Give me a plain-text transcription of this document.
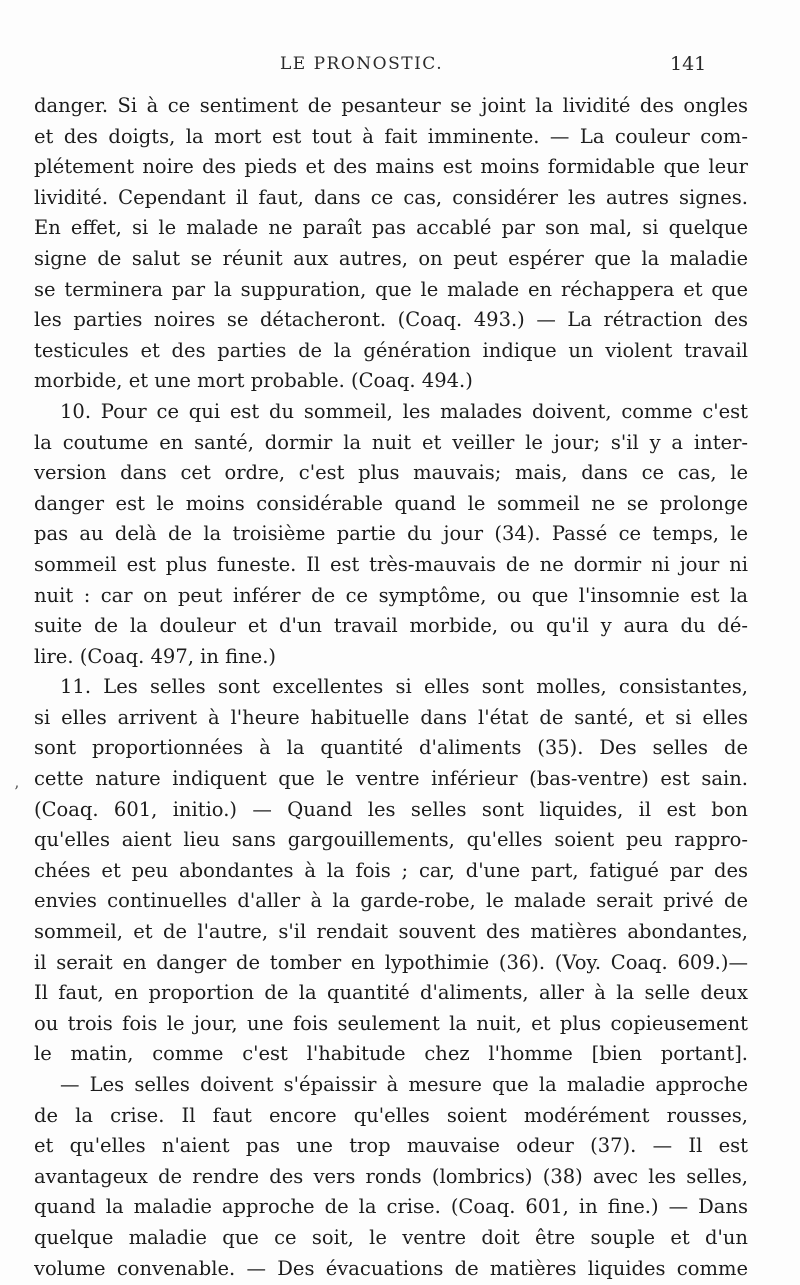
LE PRONOSTIC.	141
’
danger. Si à ce sentiment de pesanteur se joint la lividité des ongles
et des doigts, la mort est tout à fait imminente. — La couleur com-
plétement noire des pieds et des mains est moins formidable que leur
lividité. Cependant il faut, dans ce cas, considérer les autres signes.
En effet, si le malade ne paraît pas accablé par son mal, si quelque
signe de salut se réunit aux autres, on peut espérer que la maladie
se terminera par la suppuration, que le malade en réchappera et que
les parties noires se détacheront. (Coaq. 493.) — La rétraction des
testicules et des parties de la génération indique un violent travail
morbide, et une mort probable. (Coaq. 494.)
10. Pour ce qui est du sommeil, les malades doivent, comme c'est
la coutume en santé, dormir la nuit et veiller le jour; s'il y a inter-
version dans cet ordre, c'est plus mauvais; mais, dans ce cas, le
danger est le moins considérable quand le sommeil ne se prolonge
pas au delà de la troisième partie du jour (34). Passé ce temps, le
sommeil est plus funeste. Il est très-mauvais de ne dormir ni jour ni
nuit : car on peut inférer de ce symptôme, ou que l'insomnie est la
suite de la douleur et d'un travail morbide, ou qu'il y aura du dé-
lire. (Coaq. 497, in fine.)
11. Les selles sont excellentes si elles sont molles, consistantes,
si elles arrivent à l'heure habituelle dans l'état de santé, et si elles
sont proportionnées à la quantité d'aliments (35). Des selles de
cette nature indiquent que le ventre inférieur (bas-ventre) est sain.
(Coaq. 601, initio.) — Quand les selles sont liquides, il est bon
qu'elles aient lieu sans gargouillements, qu'elles soient peu rappro-
chées et peu abondantes à la fois ; car, d'une part, fatigué par des
envies continuelles d'aller à la garde-robe, le malade serait privé de
sommeil, et de l'autre, s'il rendait souvent des matières abondantes,
il serait en danger de tomber en lypothimie (36). (Voy. Coaq. 609.)—
Il faut, en proportion de la quantité d'aliments, aller à la selle deux
ou trois fois le jour, une fois seulement la nuit, et plus copieusement
le matin, comme c'est l'habitude chez l'homme [bien portant].
— Les selles doivent s'épaissir à mesure que la maladie approche
de la crise. Il faut encore qu'elles soient modérément rousses,
et qu'elles n'aient pas une trop mauvaise odeur (37). — Il est
avantageux de rendre des vers ronds (lombrics) (38) avec les selles,
quand la maladie approche de la crise. (Coaq. 601, in fine.) — Dans
quelque maladie que ce soit, le ventre doit être souple et d'un
volume convenable. — Des évacuations de matières liquides comme
